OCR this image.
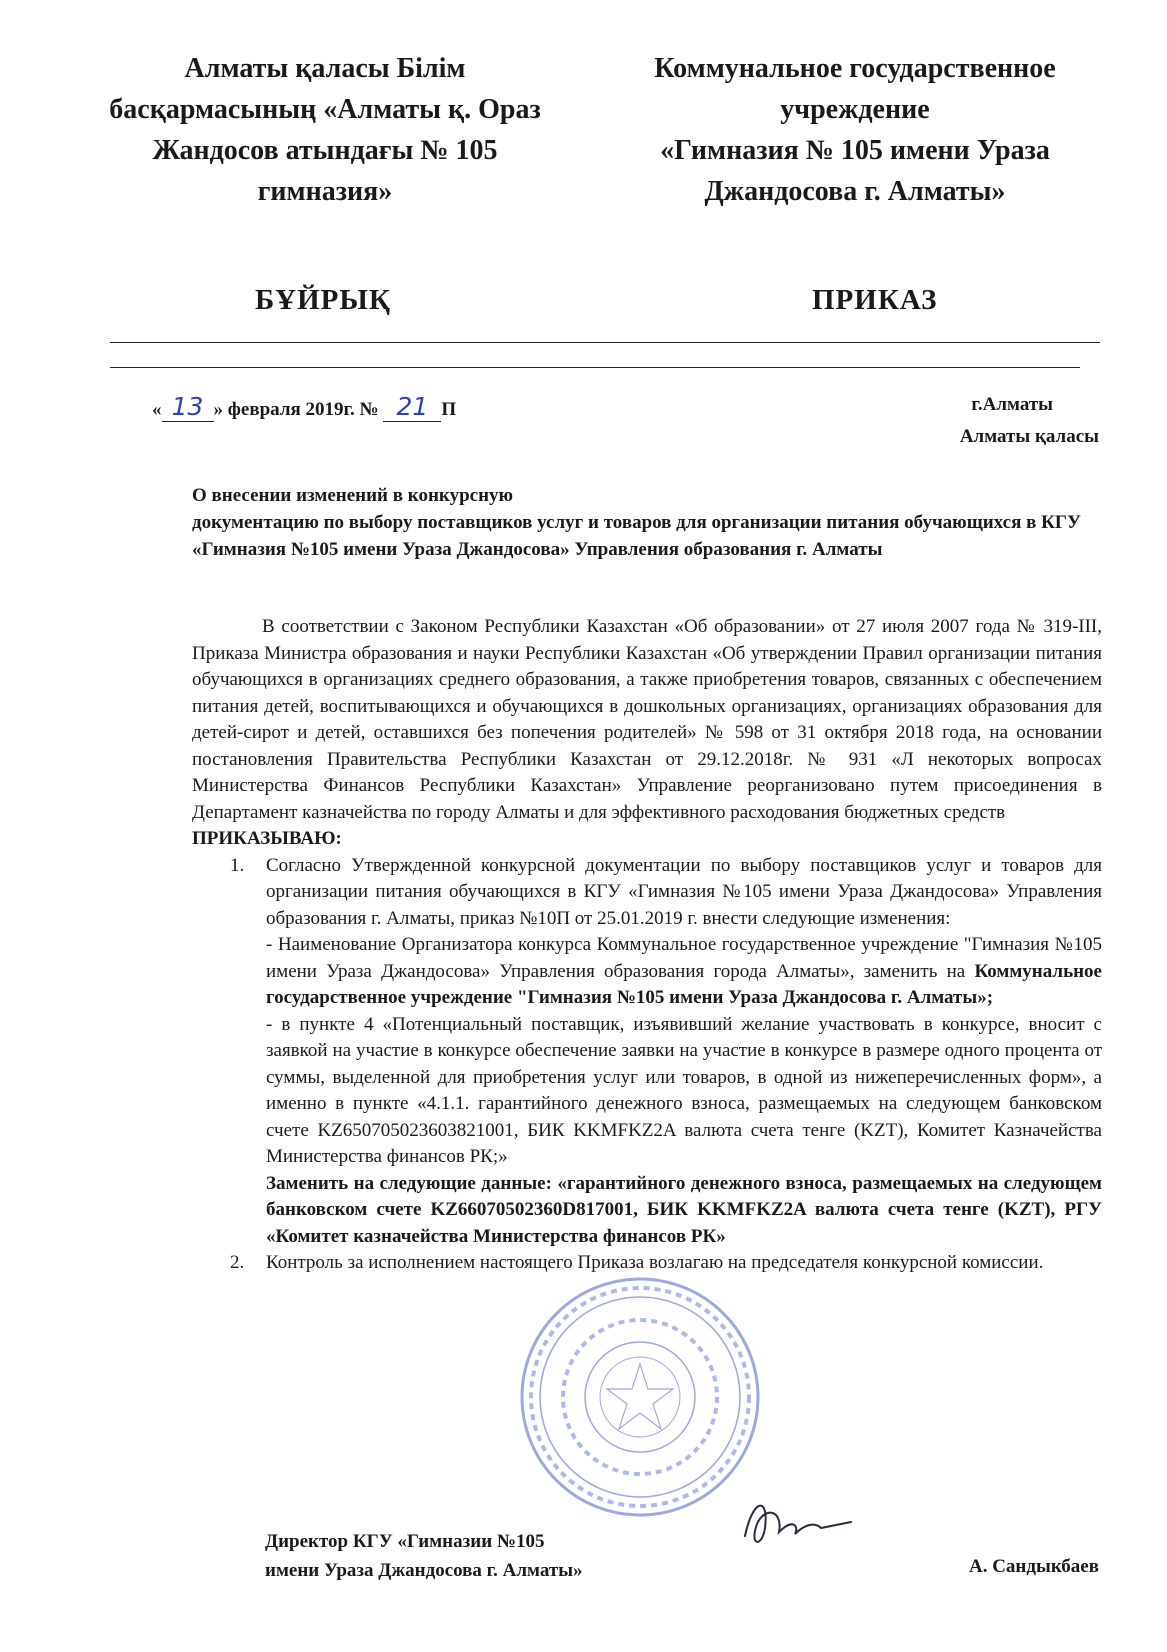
Алматы қаласы Білім
басқармасының «Алматы қ. Ораз
Жандосов атындағы № 105
гимназия»
Коммунальное государственное
учреждение
«Гимназия № 105 имени Ураза
Джандосова г. Алматы»
БҰЙРЫҚ	ПРИКАЗ
« 13 » февраля 2019г. № 21 П	г.Алматы
Алматы қаласы
О внесении изменений в конкурсную
документацию по выбору поставщиков услуг и товаров для организации питания обучающихся в КГУ «Гимназия №105 имени Ураза Джандосова» Управления образования г. Алматы

В соответствии с Законом Республики Казахстан «Об образовании» от 27 июля 2007 года № 319-III, Приказа Министра образования и науки Республики Казахстан «Об утверждении Правил организации питания обучающихся в организациях среднего образования, а также приобретения товаров, связанных с обеспечением питания детей, воспитывающихся и обучающихся в дошкольных организациях, организациях образования для детей-сирот и детей, оставшихся без попечения родителей» № 598 от 31 октября 2018 года, на основании постановления Правительства Республики Казахстан от 29.12.2018г. № 931 «Л некоторых вопросах Министерства Финансов Республики Казахстан» Управление реорганизовано путем присоединения в Департамент казначейства по городу Алматы и для эффективного расходования бюджетных средств

ПРИКАЗЫВАЮ:

1. Согласно Утвержденной конкурсной документации по выбору поставщиков услуг и товаров для организации питания обучающихся в КГУ «Гимназия №105 имени Ураза Джандосова» Управления образования г. Алматы, приказ №10П от 25.01.2019 г. внести следующие изменения:

- Наименование Организатора конкурса Коммунальное государственное учреждение "Гимназия №105 имени Ураза Джандосова» Управления образования города Алматы», заменить на Коммунальное государственное учреждение "Гимназия №105 имени Ураза Джандосова г. Алматы»;

- в пункте 4 «Потенциальный поставщик, изъявивший желание участвовать в конкурсе, вносит с заявкой на участие в конкурсе обеспечение заявки на участие в конкурсе в размере одного процента от суммы, выделенной для приобретения услуг или товаров, в одной из нижеперечисленных форм», а именно в пункте «4.1.1. гарантийного денежного взноса, размещаемых на следующем банковском счете KZ650705023603821001, БИК KKMFKZ2A валюта счета тенге (KZT), Комитет Казначейства Министерства финансов РК;»

Заменить на следующие данные: «гарантийного денежного взноса, размещаемых на следующем банковском счете KZ66070502360D817001, БИК KKMFKZ2A валюта счета тенге (KZT), РГУ «Комитет казначейства Министерства финансов РК»

2. Контроль за исполнением настоящего Приказа возлагаю на председателя конкурсной комиссии.

Директор КГУ «Гимназии №105
имени Ураза Джандосова г. Алматы»	А. Сандыкбаев
